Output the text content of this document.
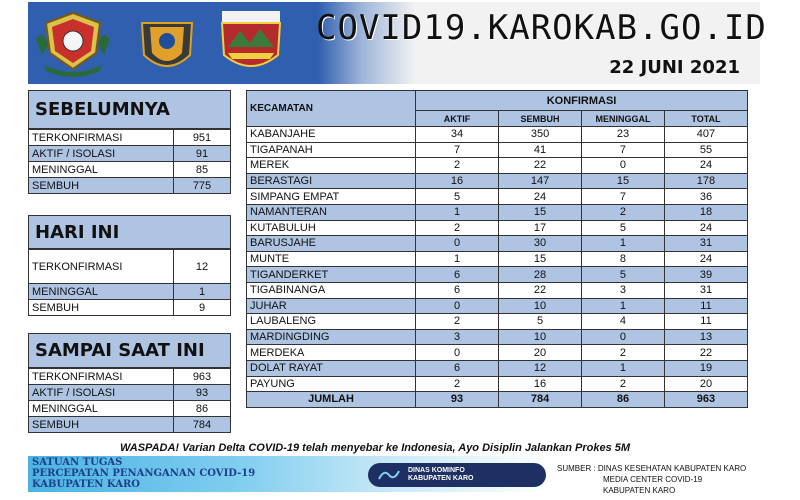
COVID19.KAROKAB.GO.ID
22 JUNI 2021
SEBELUMNYA
TERKONFIRMASI	951
AKTIF / ISOLASI	91
MENINGGAL	85
SEMBUH	775
HARI INI
TERKONFIRMASI	12
MENINGGAL	1
SEMBUH	9
SAMPAI SAAT INI
TERKONFIRMASI	963
AKTIF / ISOLASI	93
MENINGGAL	86
SEMBUH	784
KECAMATAN	KONFIRMASI			
	AKTIF	SEMBUH	MENINGGAL	TOTAL
KABANJAHE	34	350	23	407
TIGAPANAH	7	41	7	55
MEREK	2	22	0	24
BERASTAGI	16	147	15	178
SIMPANG EMPAT	5	24	7	36
NAMANTERAN	1	15	2	18
KUTABULUH	2	17	5	24
BARUSJAHE	0	30	1	31
MUNTE	1	15	8	24
TIGANDERKET	6	28	5	39
TIGABINANGA	6	22	3	31
JUHAR	0	10	1	11
LAUBALENG	2	5	4	11
MARDINGDING	3	10	0	13
MERDEKA	0	20	2	22
DOLAT RAYAT	6	12	1	19
PAYUNG	2	16	2	20
JUMLAH	93	784	86	963
WASPADA! Varian Delta COVID-19 telah menyebar ke Indonesia, Ayo Disiplin Jalankan Prokes 5M
SATUAN TUGAS
PERCEPATAN PENANGANAN COVID-19
KABUPATEN KARO
DINAS KOMINFO
KABUPATEN KARO
SUMBER : DINAS KESEHATAN KABUPATEN KARO
MEDIA CENTER COVID-19 KABUPATEN KARO
